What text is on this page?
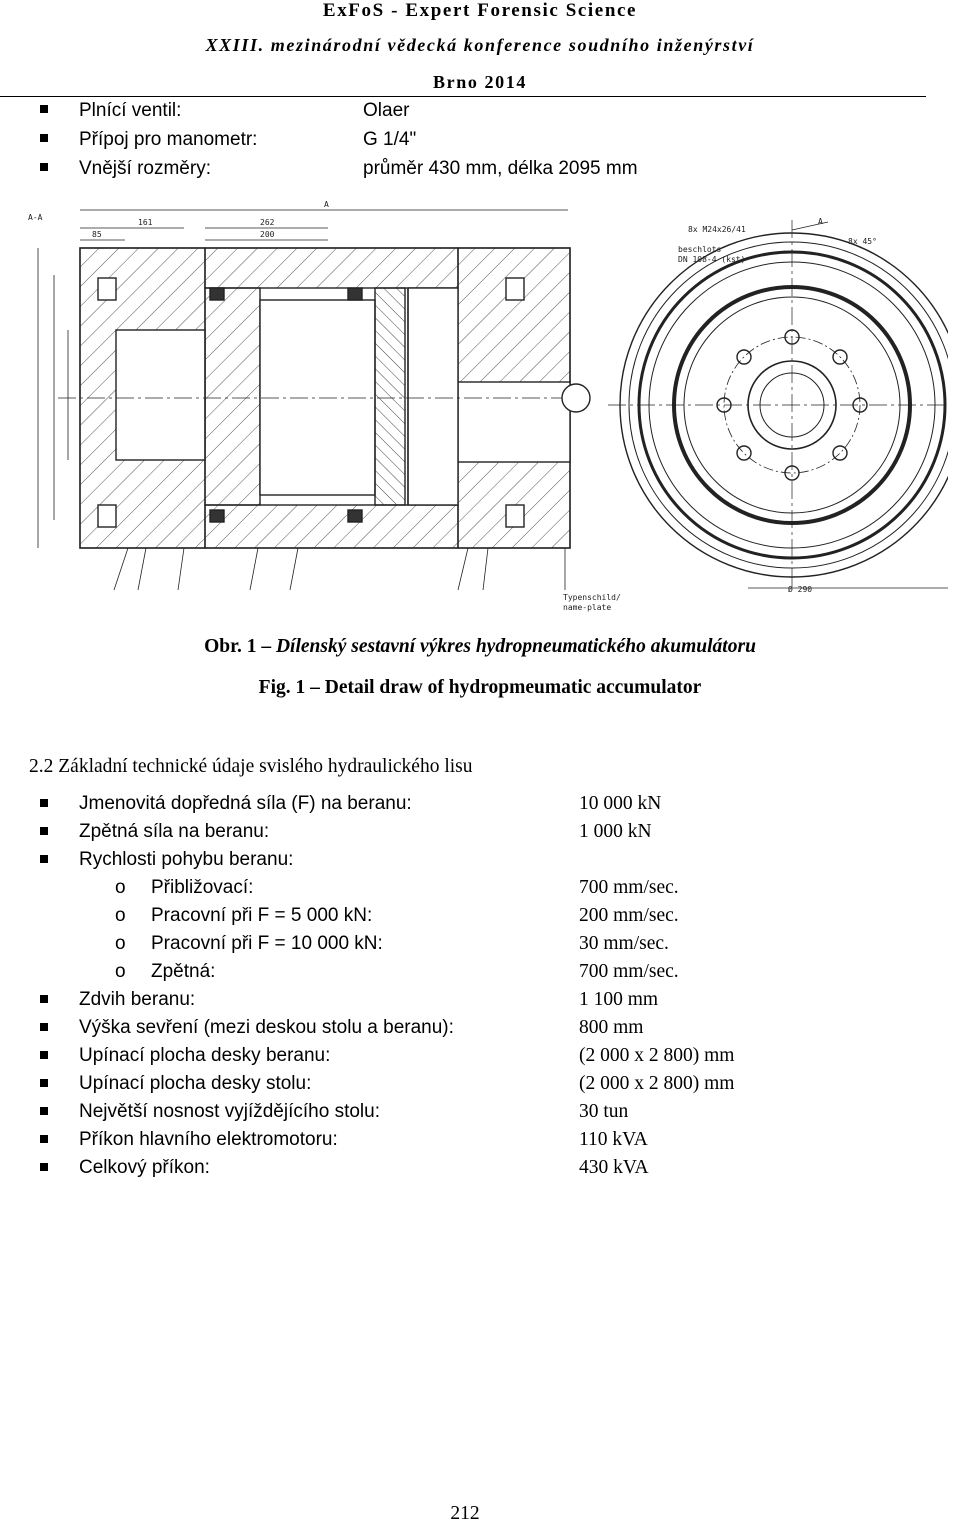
ExFoS - Expert Forensic Science
XXIII. mezinárodní vědecká konference soudního inženýrství
Brno 2014
Plnící ventil:	Olaer
Přípoj pro manometr:	G 1/4"
Vnější rozměry:	průměr 430 mm, délka 2095 mm
A-A
A
161
85
262
200
Typenschild/
name-plate
8x M24x26/41
beschlots
DN 108-4 (kst)
A
8x 45°
Ø 290
Obr. 1 – Dílenský sestavní výkres hydropneumatického akumulátoru
Fig. 1 – Detail draw of hydropmeumatic accumulator
2.2 Základní technické údaje svislého hydraulického lisu
Jmenovitá dopředná síla (F) na beranu:	10 000 kN
Zpětná síla na beranu:	1 000 kN
Rychlosti pohybu beranu:
o Přibližovací:	700 mm/sec.
o Pracovní při F = 5 000 kN:	200 mm/sec.
o Pracovní při F = 10 000 kN:	30 mm/sec.
o Zpětná:	700 mm/sec.
Zdvih beranu:	1 100 mm
Výška sevření (mezi deskou stolu a beranu):	800 mm
Upínací plocha desky beranu:	(2 000 x 2 800) mm
Upínací plocha desky stolu:	(2 000 x 2 800) mm
Největší nosnost vyjíždějícího stolu:	30 tun
Příkon hlavního elektromotoru:	110 kVA
Celkový příkon:	430 kVA
212
